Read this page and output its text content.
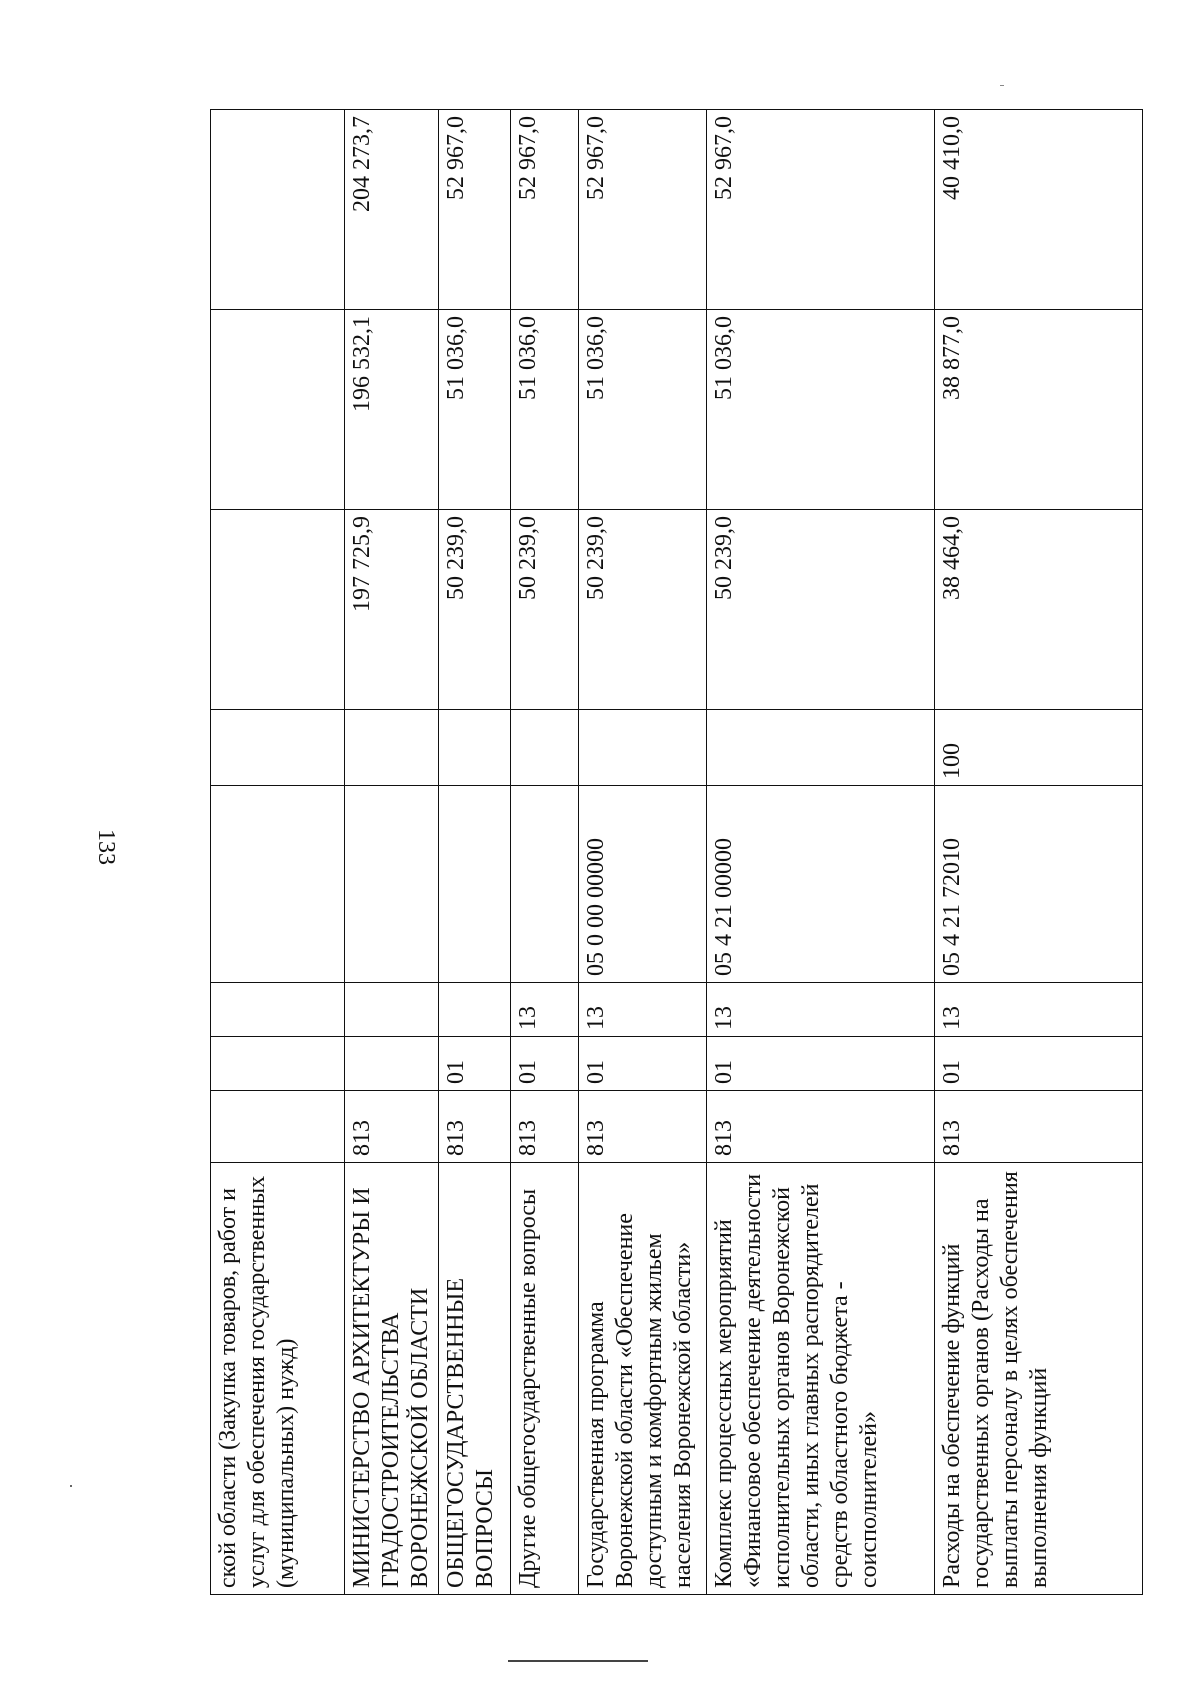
133
ской области (Закупка товаров, работ и услуг для обеспечения государственных (муниципальных) нужд)								
МИНИСТЕРСТВО АРХИТЕКТУРЫ И ГРАДОСТРОИТЕЛЬСТВА ВОРОНЕЖСКОЙ ОБЛАСТИ	813					197 725,9	196 532,1	204 273,7
ОБЩЕГОСУДАРСТВЕННЫЕ ВОПРОСЫ	813	01				50 239,0	51 036,0	52 967,0
Другие общегосударственные вопросы	813	01	13			50 239,0	51 036,0	52 967,0
Государственная программа Воронежской области «Обеспечение доступным и комфортным жильем населения Воронежской области»	813	01	13	05 0 00 00000		50 239,0	51 036,0	52 967,0
Комплекс процессных мероприятий «Финансовое обеспечение деятельности исполнительных органов Воронежской области, иных главных распорядителей средств областного бюджета - соисполнителей»	813	01	13	05 4 21 00000		50 239,0	51 036,0	52 967,0
Расходы на обеспечение функций государственных органов (Расходы на выплаты персоналу в целях обеспечения выполнения функций	813	01	13	05 4 21 72010	100	38 464,0	38 877,0	40 410,0
